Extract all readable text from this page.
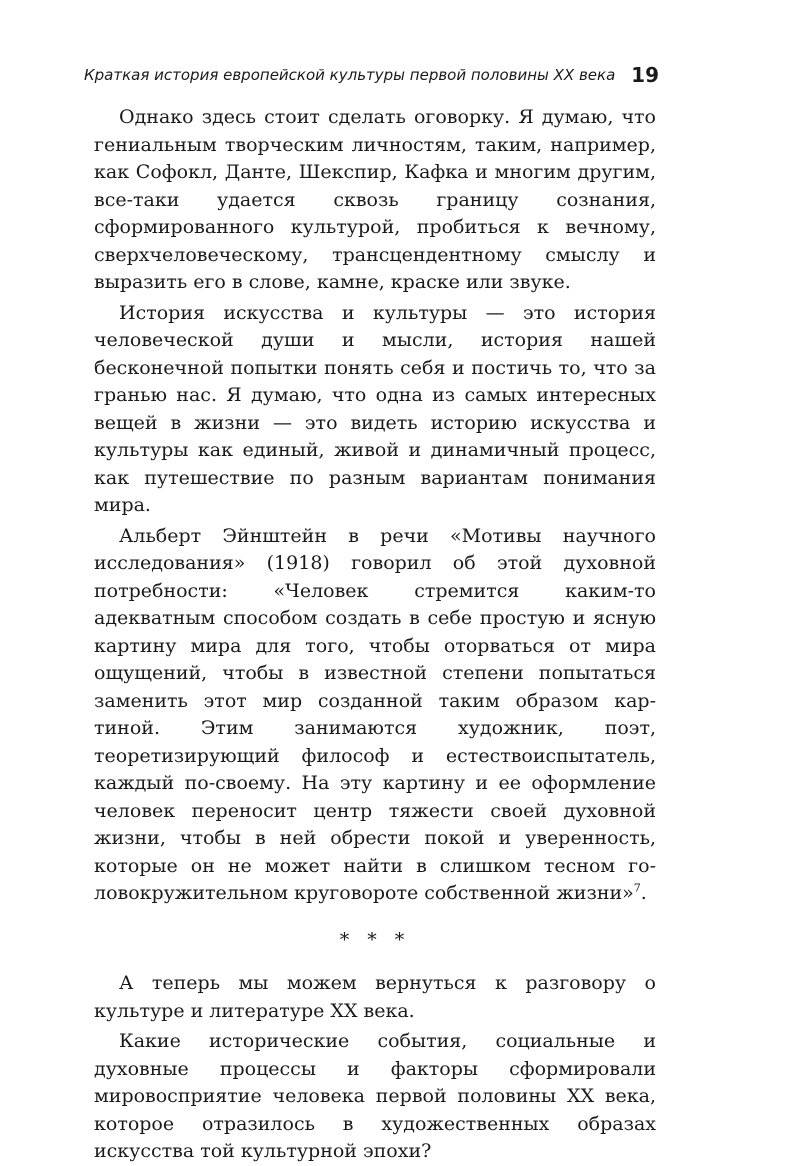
Краткая история европейской культуры первой половины XX века 19

Однако здесь стоит сделать оговорку. Я думаю, что гениальным творческим личностям, таким, например, как Софокл, Данте, Шекспир, Кафка и многим другим, все-таки удается сквозь границу сознания, сформированного культурой, пробиться к вечному, сверхчеловеческому, трансцендентному смыслу и выразить его в слове, камне, краске или звуке.

История искусства и культуры — это история человеческой души и мысли, история нашей бесконечной попытки понять себя и постичь то, что за гранью нас. Я думаю, что одна из самых интересных вещей в жизни — это видеть историю искусства и культуры как единый, живой и динамичный процесс, как путешествие по разным вариантам понимания мира.

Альберт Эйнштейн в речи «Мотивы научного исследования» (1918) говорил об этой духовной потребности: «Человек стремится каким-то адекватным способом создать в себе простую и ясную картину мира для того, чтобы оторваться от мира ощущений, чтобы в известной степени попытаться заменить этот мир созданной таким образом картиной. Этим занимаются художник, поэт, теоретизирующий философ и естествоиспытатель, каждый по-своему. На эту картину и ее оформление человек переносит центр тяжести своей духовной жизни, чтобы в ней обрести покой и уверенность, которые он не может найти в слишком тесном головокружительном круговороте собственной жизни»$^7$.

* * *

А теперь мы можем вернуться к разговору о культуре и литературе XX века.

Какие исторические события, социальные и духовные процессы и факторы сформировали мировосприятие человека первой половины XX века, которое отразилось в художественных образах искусства той культурной эпохи?
